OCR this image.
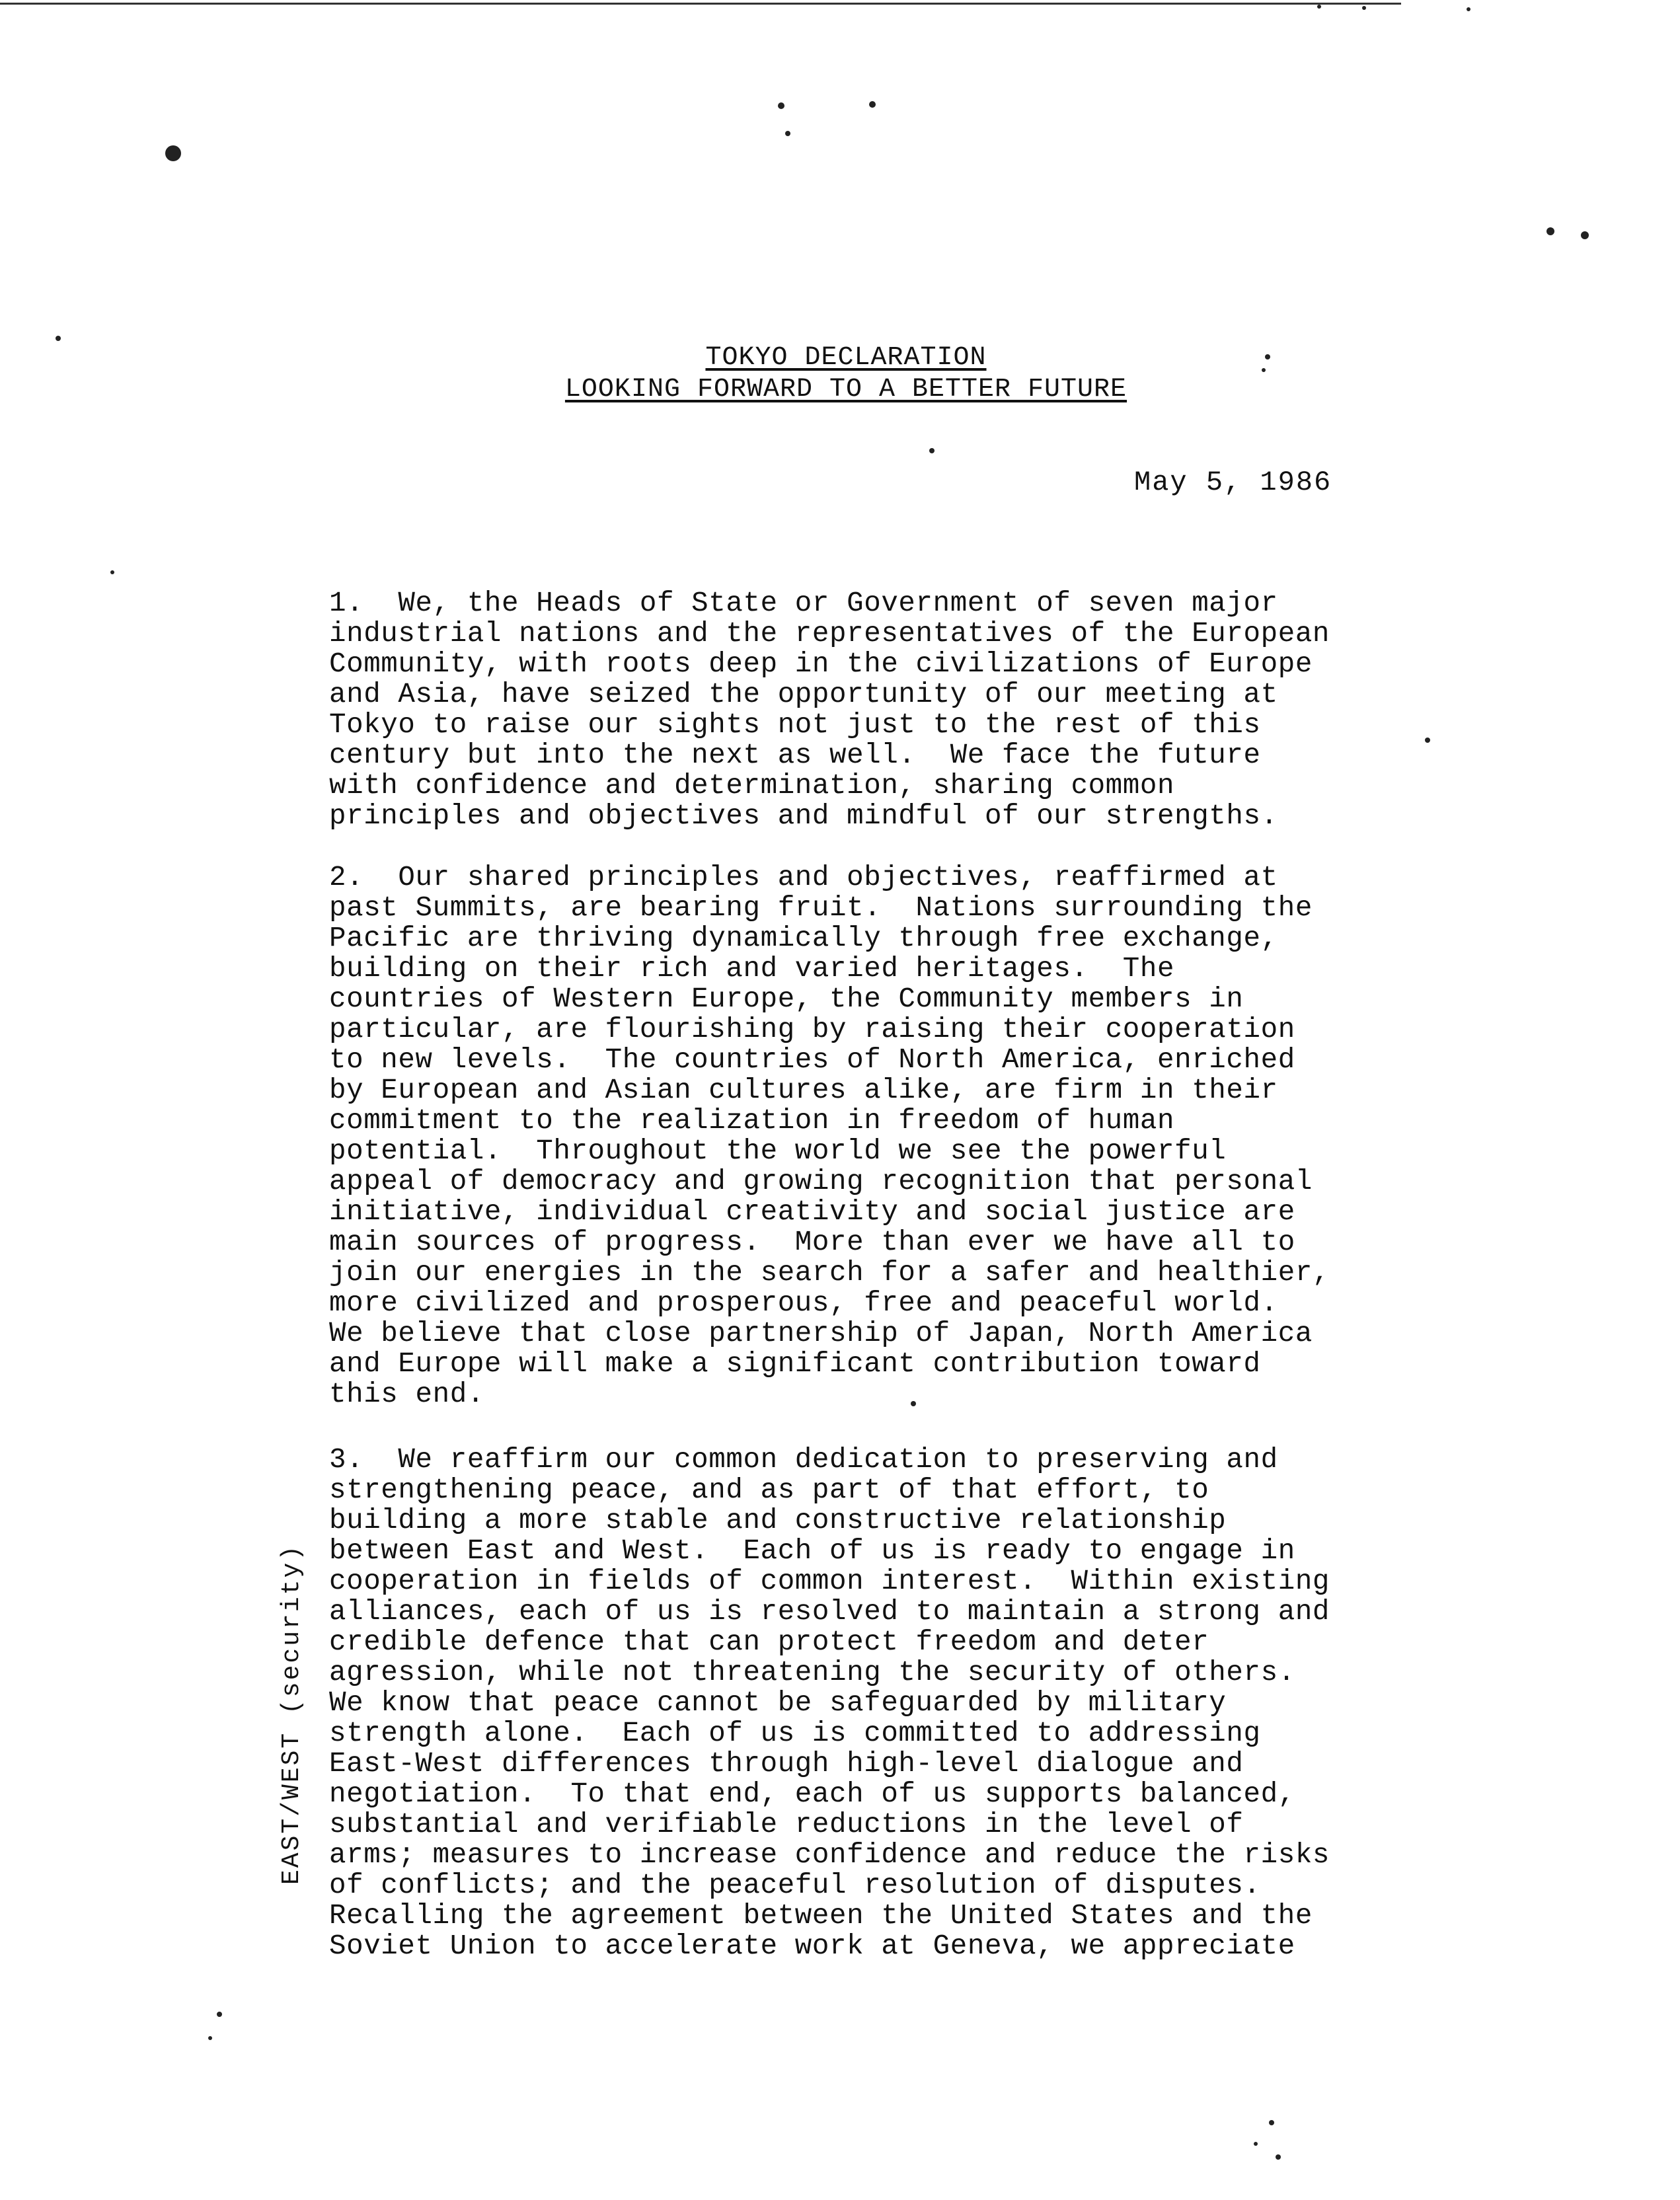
TOKYO DECLARATION
LOOKING FORWARD TO A BETTER FUTURE
May 5, 1986
1.  We, the Heads of State or Government of seven major
industrial nations and the representatives of the European
Community, with roots deep in the civilizations of Europe
and Asia, have seized the opportunity of our meeting at
Tokyo to raise our sights not just to the rest of this
century but into the next as well.  We face the future
with confidence and determination, sharing common
principles and objectives and mindful of our strengths.
2.  Our shared principles and objectives, reaffirmed at
past Summits, are bearing fruit.  Nations surrounding the
Pacific are thriving dynamically through free exchange,
building on their rich and varied heritages.  The
countries of Western Europe, the Community members in
particular, are flourishing by raising their cooperation
to new levels.  The countries of North America, enriched
by European and Asian cultures alike, are firm in their
commitment to the realization in freedom of human
potential.  Throughout the world we see the powerful
appeal of democracy and growing recognition that personal
initiative, individual creativity and social justice are
main sources of progress.  More than ever we have all to
join our energies in the search for a safer and healthier,
more civilized and prosperous, free and peaceful world.
We believe that close partnership of Japan, North America
and Europe will make a significant contribution toward
this end.
3.  We reaffirm our common dedication to preserving and
strengthening peace, and as part of that effort, to
building a more stable and constructive relationship
between East and West.  Each of us is ready to engage in
cooperation in fields of common interest.  Within existing
alliances, each of us is resolved to maintain a strong and
credible defence that can protect freedom and deter
agression, while not threatening the security of others.
We know that peace cannot be safeguarded by military
strength alone.  Each of us is committed to addressing
East-West differences through high-level dialogue and
negotiation.  To that end, each of us supports balanced,
substantial and verifiable reductions in the level of
arms; measures to increase confidence and reduce the risks
of conflicts; and the peaceful resolution of disputes.
Recalling the agreement between the United States and the
Soviet Union to accelerate work at Geneva, we appreciate
EAST/WEST (security)
